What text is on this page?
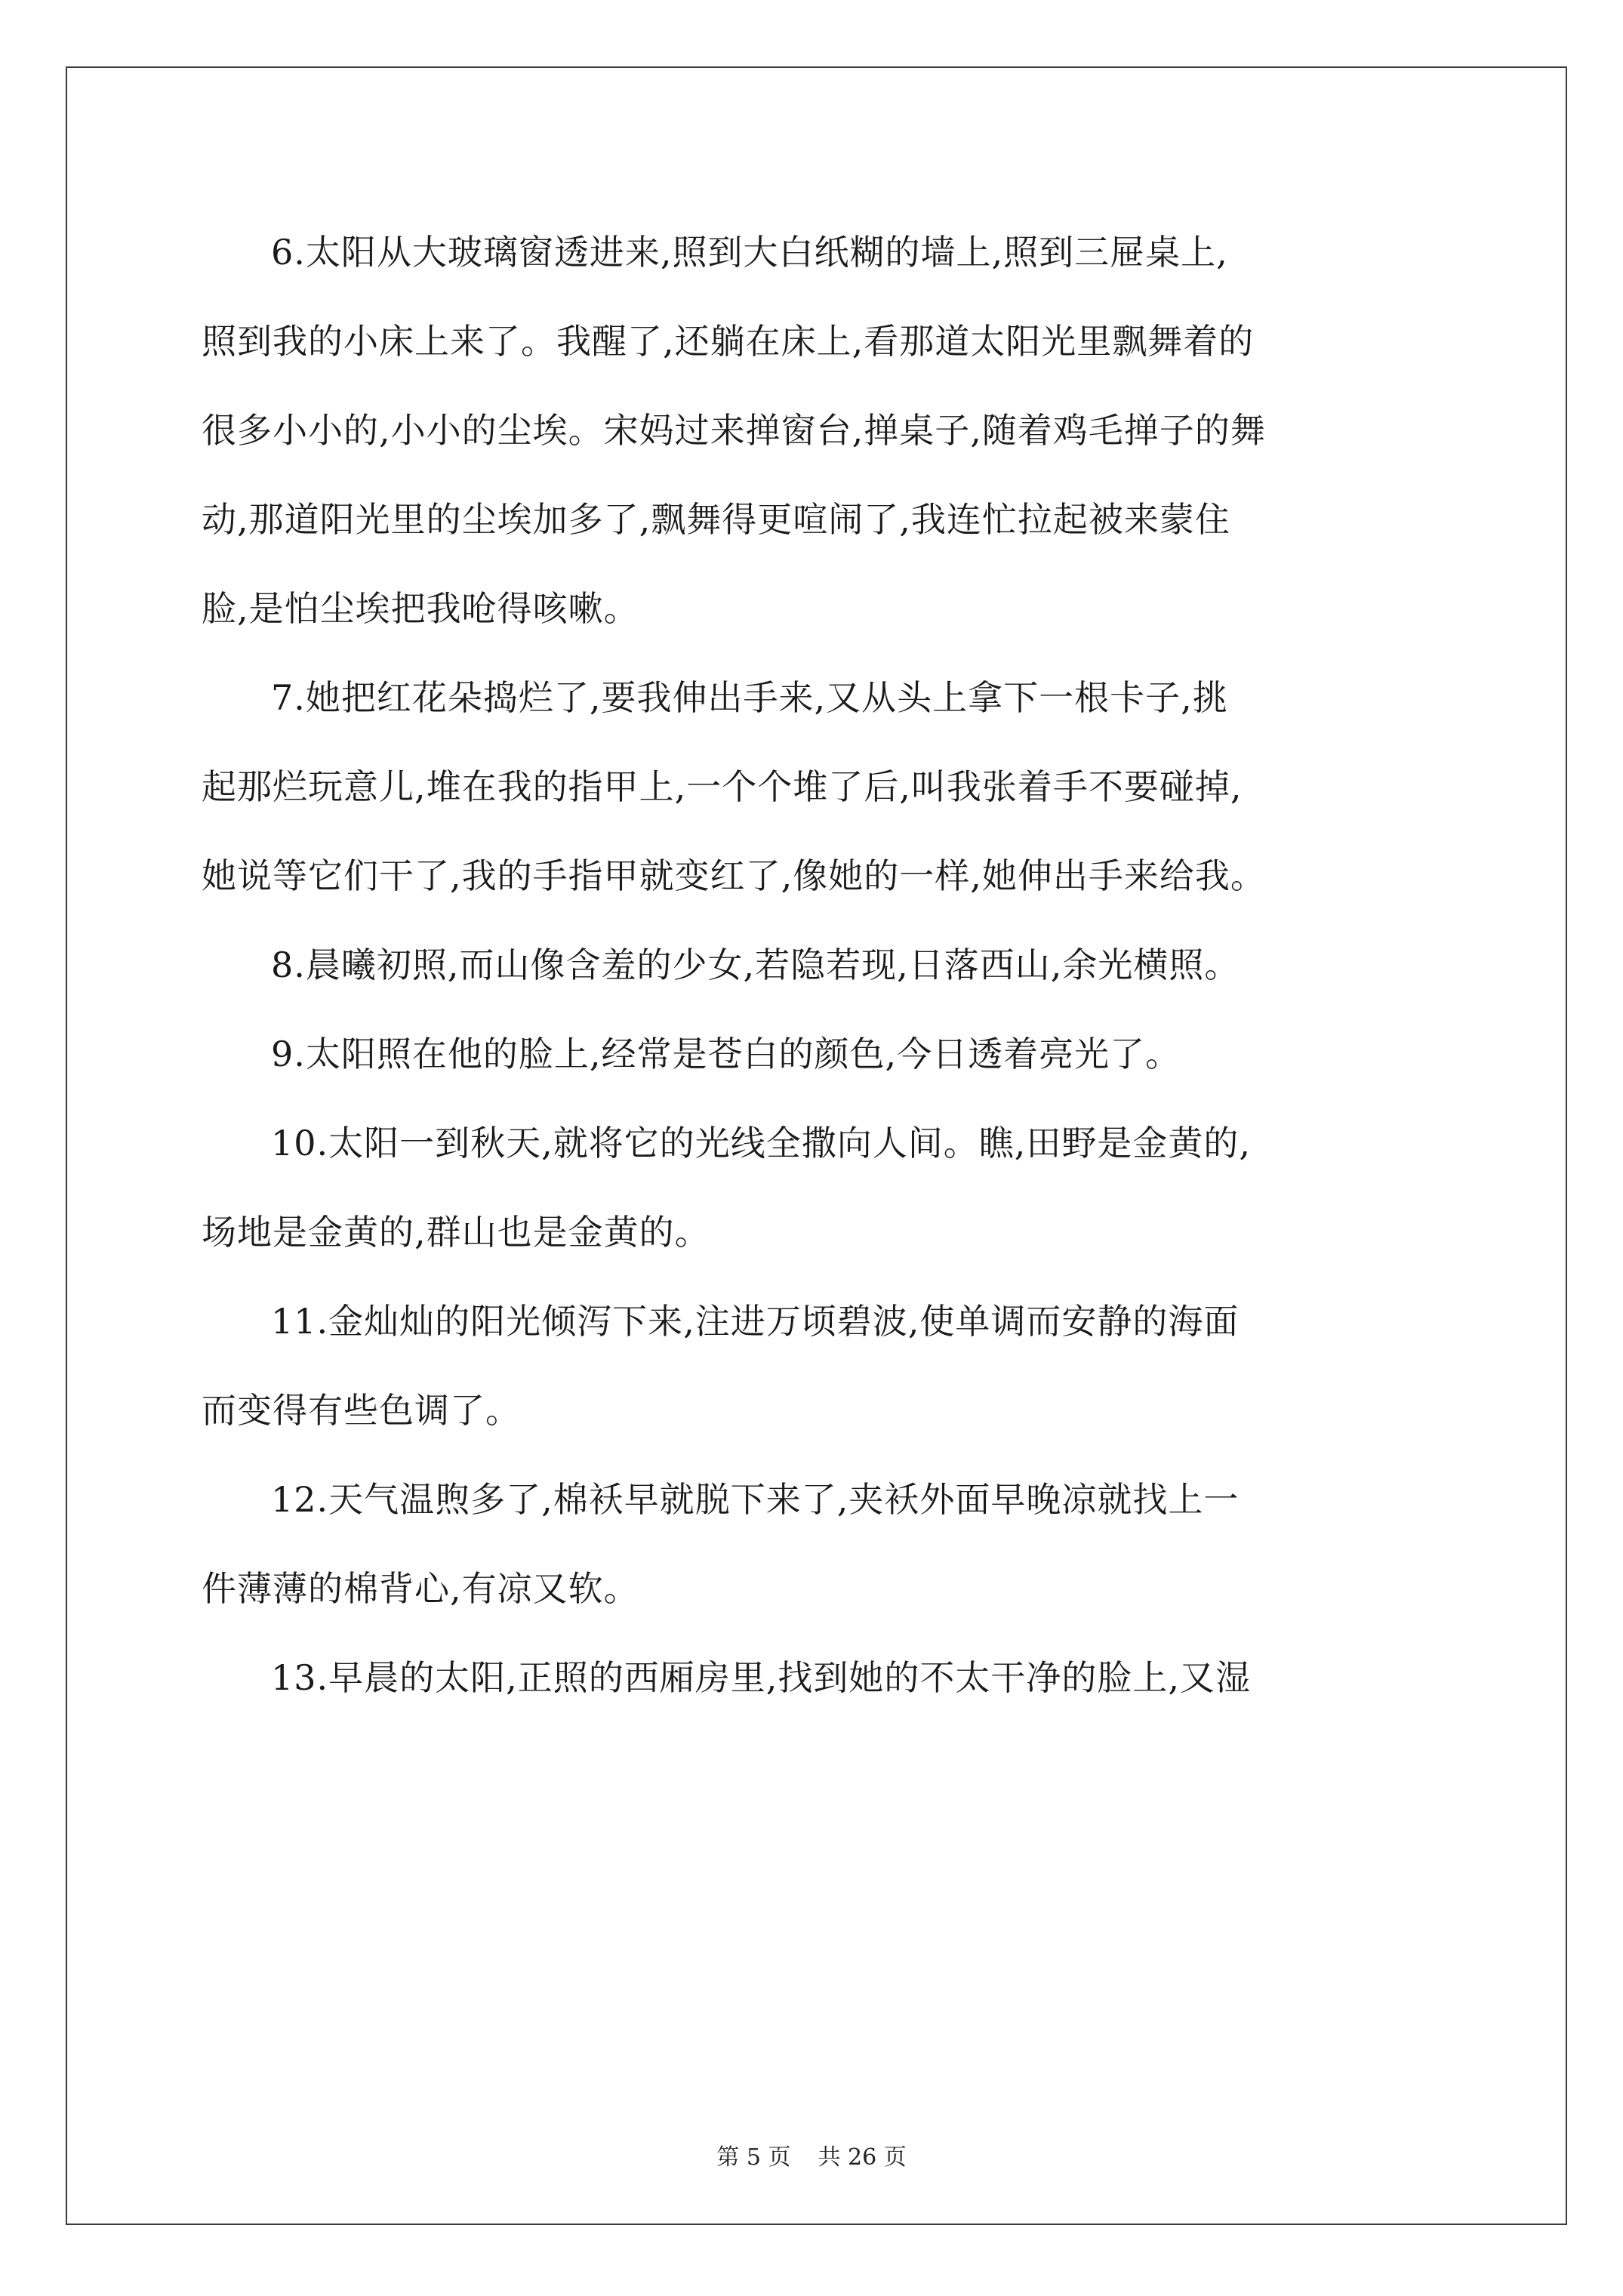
6.太阳从大玻璃窗透进来,照到大白纸糊的墙上,照到三屉桌上,
照到我的小床上来了。我醒了,还躺在床上,看那道太阳光里飘舞着的
很多小小的,小小的尘埃。宋妈过来掸窗台,掸桌子,随着鸡毛掸子的舞
动,那道阳光里的尘埃加多了,飘舞得更喧闹了,我连忙拉起被来蒙住
脸,是怕尘埃把我呛得咳嗽。

7.她把红花朵捣烂了,要我伸出手来,又从头上拿下一根卡子,挑
起那烂玩意儿,堆在我的指甲上,一个个堆了后,叫我张着手不要碰掉,
她说等它们干了,我的手指甲就变红了,像她的一样,她伸出手来给我。

8.晨曦初照,而山像含羞的少女,若隐若现,日落西山,余光横照。

9.太阳照在他的脸上,经常是苍白的颜色,今日透着亮光了。

10.太阳一到秋天,就将它的光线全撒向人间。瞧,田野是金黄的,
场地是金黄的,群山也是金黄的。

11.金灿灿的阳光倾泻下来,注进万顷碧波,使单调而安静的海面
而变得有些色调了。

12.天气温煦多了,棉袄早就脱下来了,夹袄外面早晚凉就找上一
件薄薄的棉背心,有凉又软。

13.早晨的太阳,正照的西厢房里,找到她的不太干净的脸上,又湿

第 5 页 共 26 页
